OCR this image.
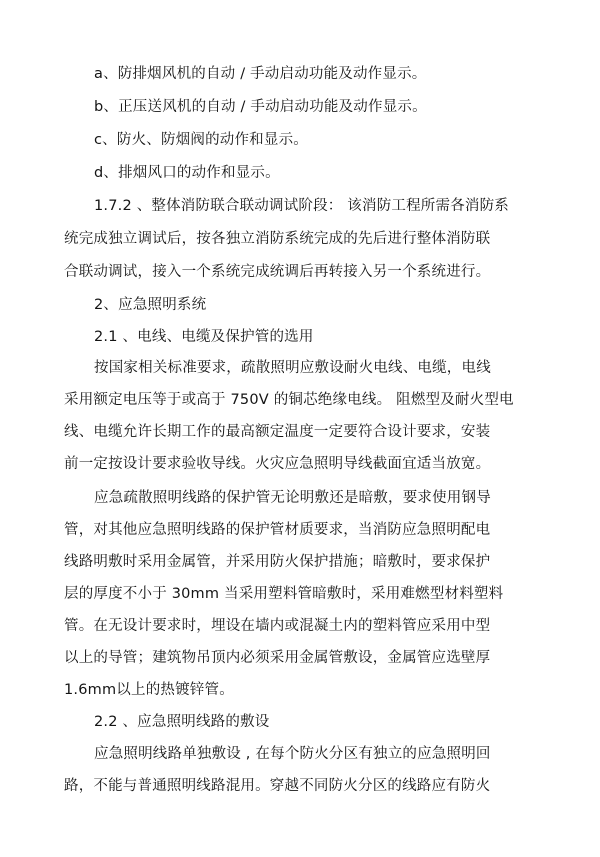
a、防排烟风机的自动 / 手动启动功能及动作显示。
b、正压送风机的自动 / 手动启动功能及动作显示。
c、防火、防烟阀的动作和显示。
d、排烟风口的动作和显示。
1.7.2 、整体消防联合联动调试阶段： 该消防工程所需各消防系
统完成独立调试后，按各独立消防系统完成的先后进行整体消防联
合联动调试，接入一个系统完成统调后再转接入另一个系统进行。
2、应急照明系统
2.1 、电线、电缆及保护管的选用
按国家相关标准要求，疏散照明应敷设耐火电线、电缆，电线
采用额定电压等于或高于 750V 的铜芯绝缘电线。 阻燃型及耐火型电
线、电缆允许长期工作的最高额定温度一定要符合设计要求，安装
前一定按设计要求验收导线。火灾应急照明导线截面宜适当放宽。
应急疏散照明线路的保护管无论明敷还是暗敷，要求使用钢导
管，对其他应急照明线路的保护管材质要求，当消防应急照明配电
线路明敷时采用金属管，并采用防火保护措施；暗敷时，要求保护
层的厚度不小于 30mm 当采用塑料管暗敷时，采用难燃型材料塑料
管。在无设计要求时，埋设在墙内或混凝土内的塑料管应采用中型
以上的导管；建筑物吊顶内必须采用金属管敷设，金属管应选壁厚
1.6mm以上的热镀锌管。
2.2 、应急照明线路的敷设
应急照明线路单独敷设 , 在每个防火分区有独立的应急照明回
路，不能与普通照明线路混用。穿越不同防火分区的线路应有防火
